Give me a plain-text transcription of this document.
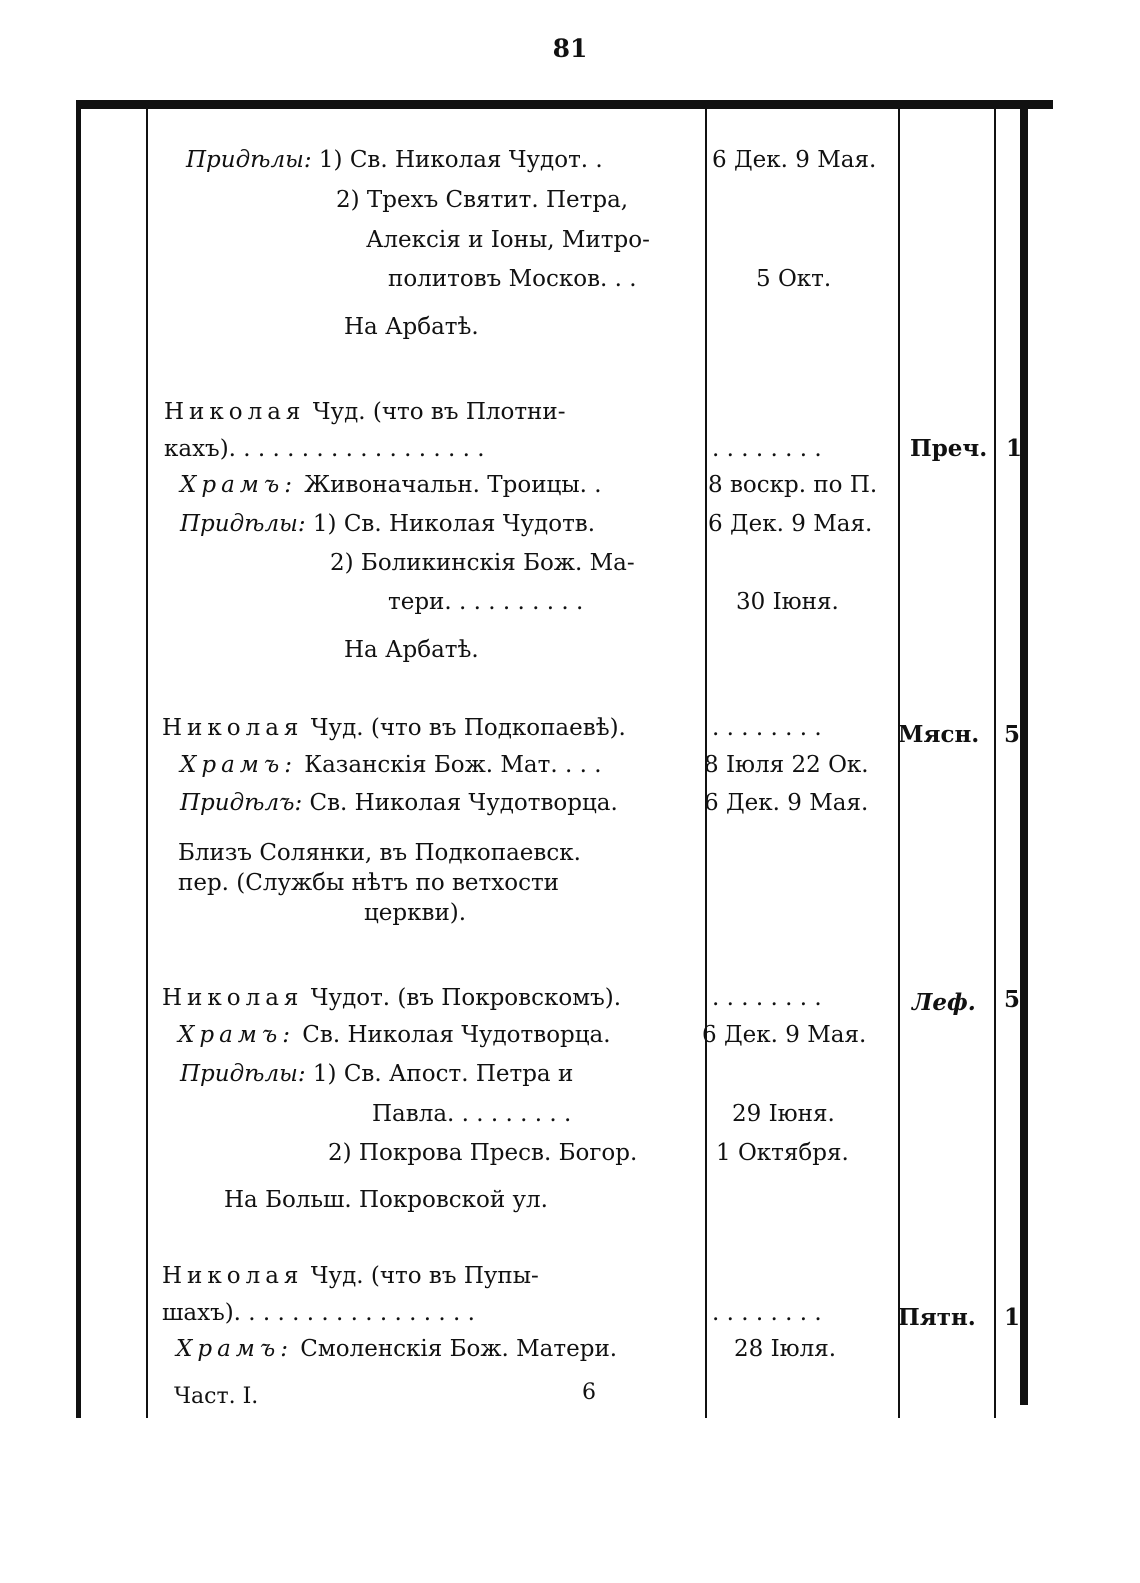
81
Придѣлы: 1) Св. Николая Чудот. .	6 Дек. 9 Мая.
2) Трехъ Святит. Петра,
Алексія и Іоны, Митро-
политовъ Москов. . .	5 Окт.
На Арбатѣ.
Николая Чуд. (что въ Плотни-
кахъ). . . . . . . . . . . . . . . . . .	. . . . . . . .	Преч. 1
Храмъ: Живоначальн. Троицы. .	8 воскр. по П.
Придѣлы: 1) Св. Николая Чудотв.	6 Дек. 9 Мая.
2) Боликинскія Бож. Ма-
тери. . . . . . . . . .	30 Іюня.
На Арбатѣ.
Николая Чуд. (что въ Подкопаевѣ).	. . . . . . . .	Мясн. 5
Храмъ: Казанскія Бож. Мат. . . .	8 Іюля 22 Ок.
Придѣлъ: Св. Николая Чудотворца.	6 Дек. 9 Мая.
Близъ Солянки, въ Подкопаевск.
пер. (Службы нѣтъ по ветхости
церкви).
Николая Чудот. (въ Покровскомъ).	. . . . . . . .	Леф. 5
Храмъ: Св. Николая Чудотворца.	6 Дек. 9 Мая.
Придѣлы: 1) Св. Апост. Петра и
Павла. . . . . . . . .	29 Іюня.
2) Покрова Пресв. Богор.	1 Октября.
На Больш. Покровской ул.
Николая Чуд. (что въ Пупы-
шахъ). . . . . . . . . . . . . . . . .	. . . . . . . .	Пятн. 1
Храмъ: Смоленскія Бож. Матери.	28 Іюля.
Част. I.	6
